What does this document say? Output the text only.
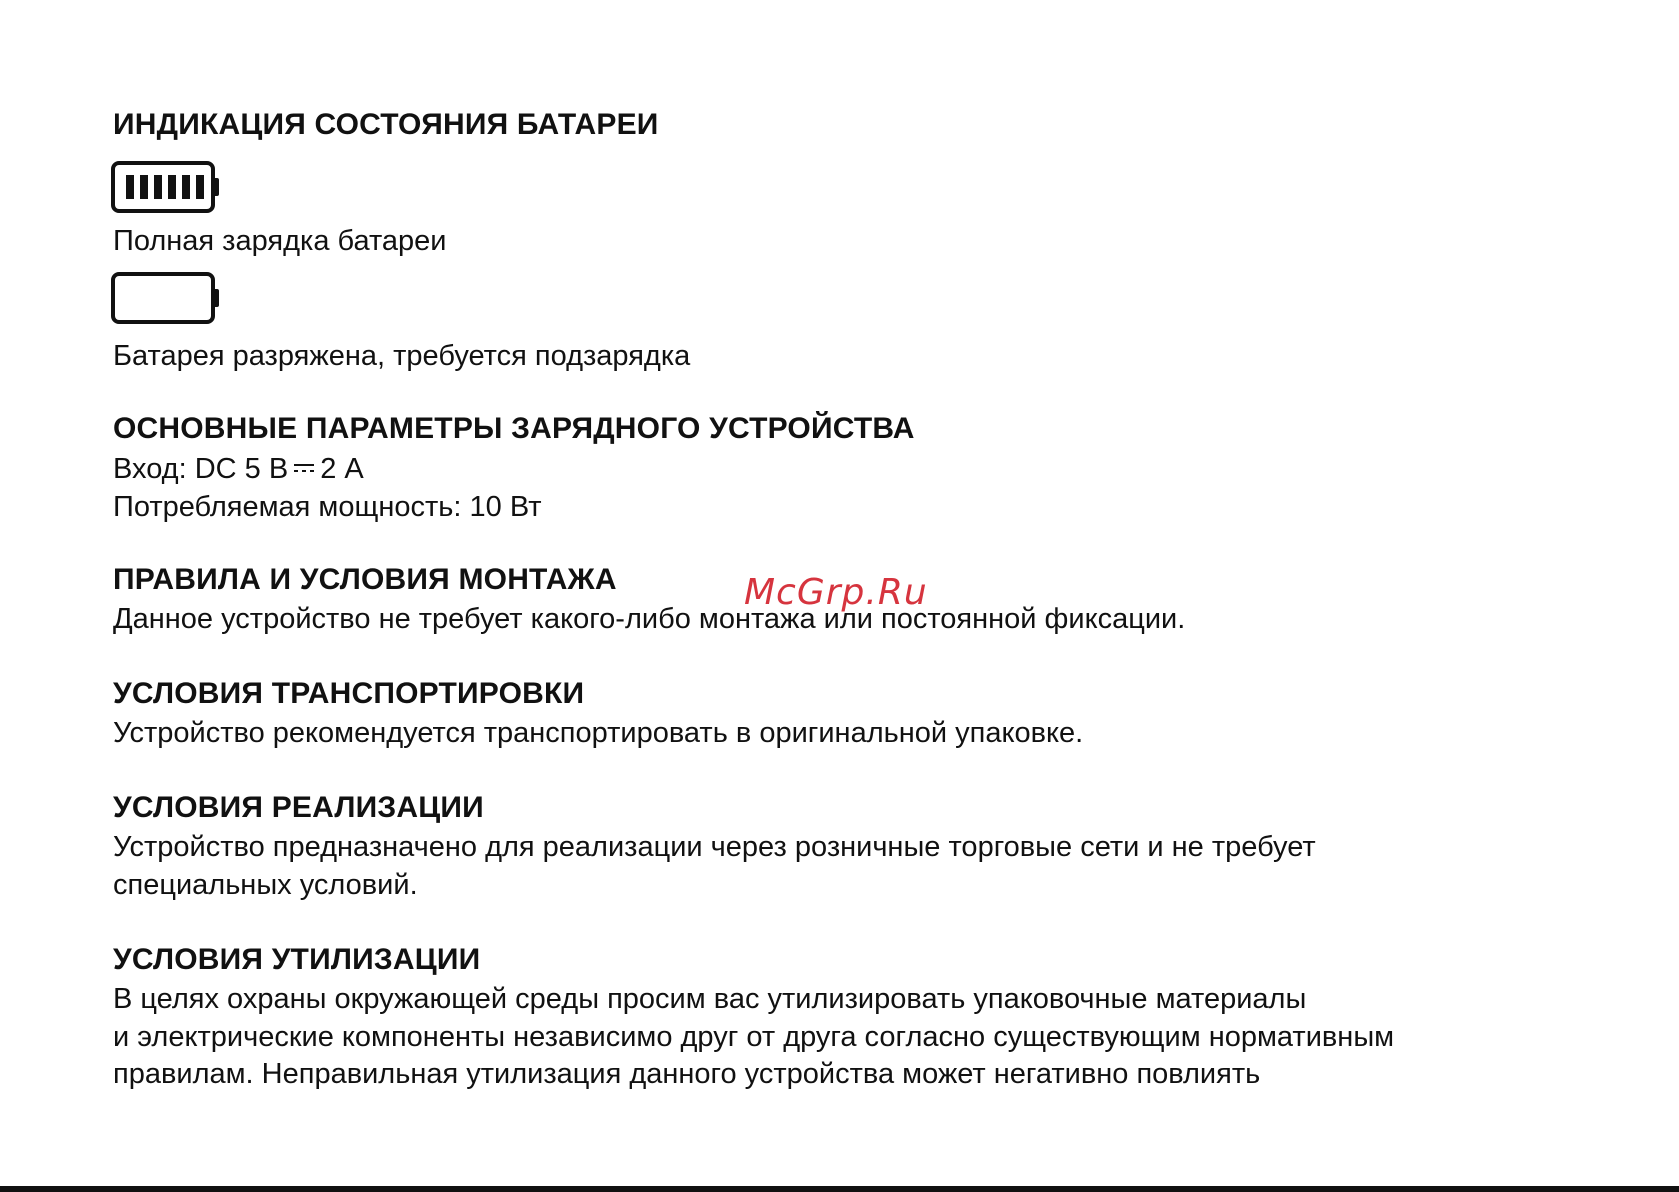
ИНДИКАЦИЯ СОСТОЯНИЯ БАТАРЕИ

Полная зарядка батареи

Батарея разряжена, требуется подзарядка

ОСНОВНЫЕ ПАРАМЕТРЫ ЗАРЯДНОГО УСТРОЙСТВА

Вход: DC 5 В 2 А

Потребляемая мощность: 10 Вт

ПРАВИЛА И УСЛОВИЯ МОНТАЖА

Данное устройство не требует какого-либо монтажа или постоянной фиксации.

УСЛОВИЯ ТРАНСПОРТИРОВКИ

Устройство рекомендуется транспортировать в оригинальной упаковке.

УСЛОВИЯ РЕАЛИЗАЦИИ

Устройство предназначено для реализации через розничные торговые сети и не требует

специальных условий.

УСЛОВИЯ УТИЛИЗАЦИИ

В целях охраны окружающей среды просим вас утилизировать упаковочные материалы

и электрические компоненты независимо друг от друга согласно существующим нормативным

правилам. Неправильная утилизация данного устройства может негативно повлиять

McGrp.Ru
